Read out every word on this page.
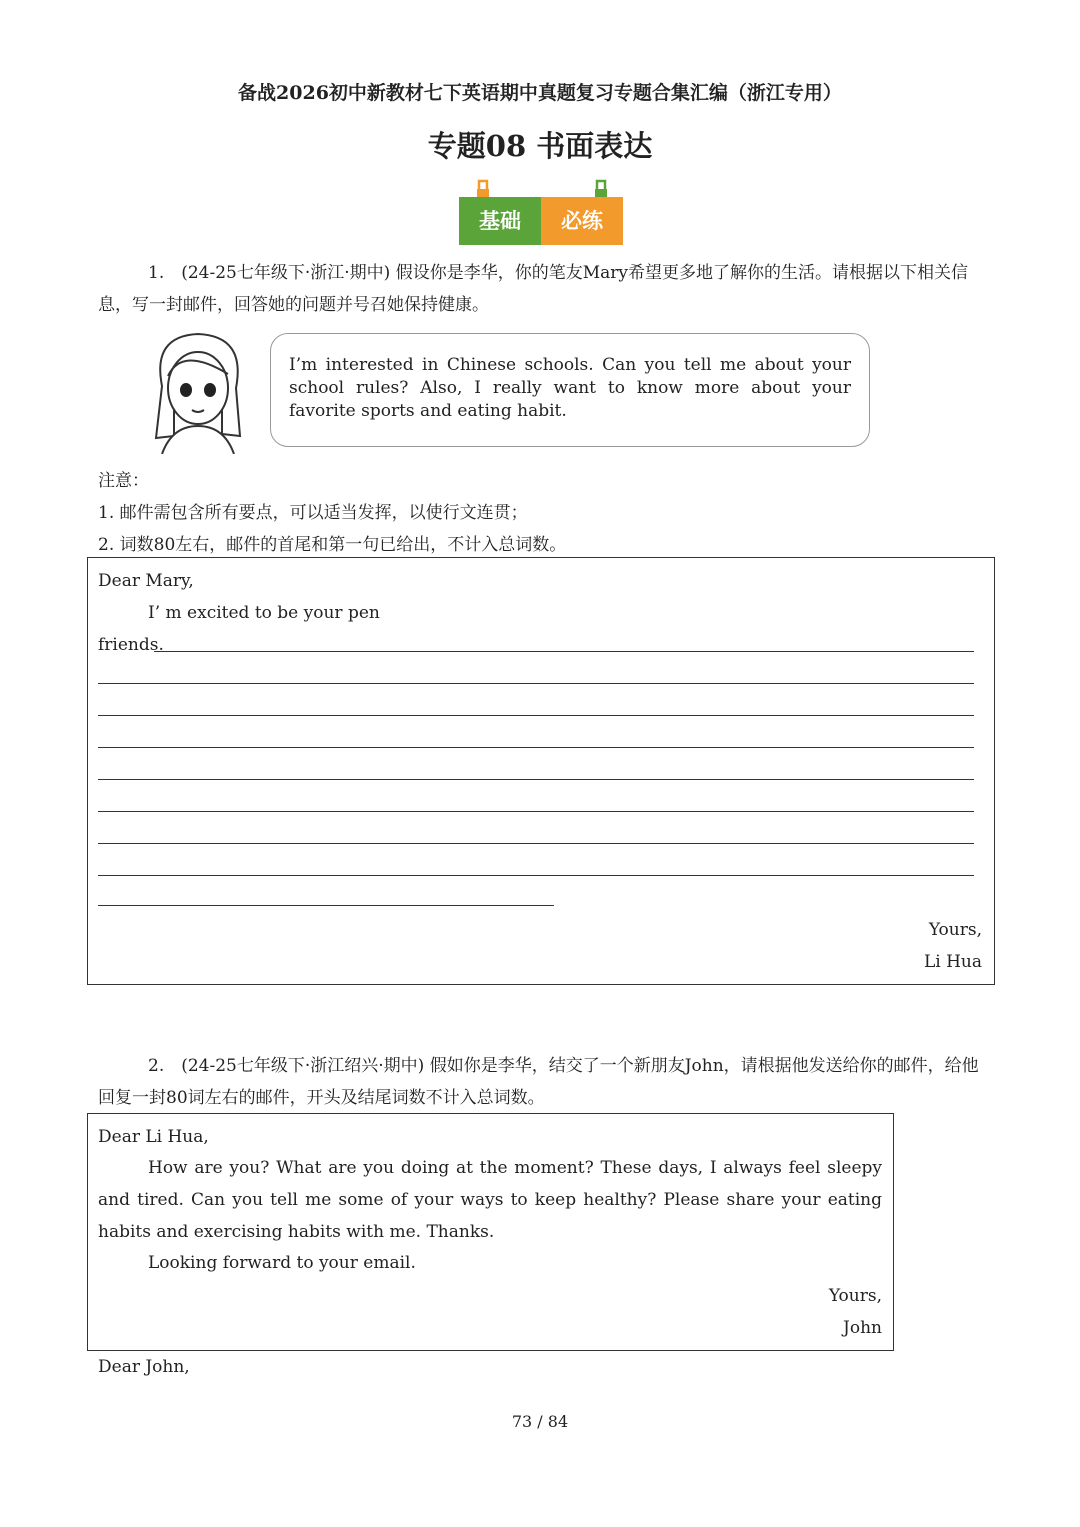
备战2026初中新教材七下英语期中真题复习专题合集汇编（浙江专用）
专题08 书面表达
基础	必练
1.　(24-25七年级下·浙江·期中) 假设你是李华，你的笔友Mary希望更多地了解你的生活。请根据以下相关信息，写一封邮件，回答她的问题并号召她保持健康。
I’m interested in Chinese schools. Can you tell me about your school rules? Also, I really want to know more about your favorite sports and eating habit.
注意：
1. 邮件需包含所有要点，可以适当发挥，以使行文连贯；
2. 词数80左右，邮件的首尾和第一句已给出，不计入总词数。
Dear Mary,
I’ m excited to be your pen
friends.
Yours,
Li Hua
2.　(24-25七年级下·浙江绍兴·期中) 假如你是李华，结交了一个新朋友John，请根据他发送给你的邮件，给他回复一封80词左右的邮件，开头及结尾词数不计入总词数。
Dear Li Hua,
How are you? What are you doing at the moment? These days, I always feel sleepy and tired. Can you tell me some of your ways to keep healthy? Please share your eating habits and exercising habits with me. Thanks.
Looking forward to your email.
Yours,
John
Dear John,
73 / 84
